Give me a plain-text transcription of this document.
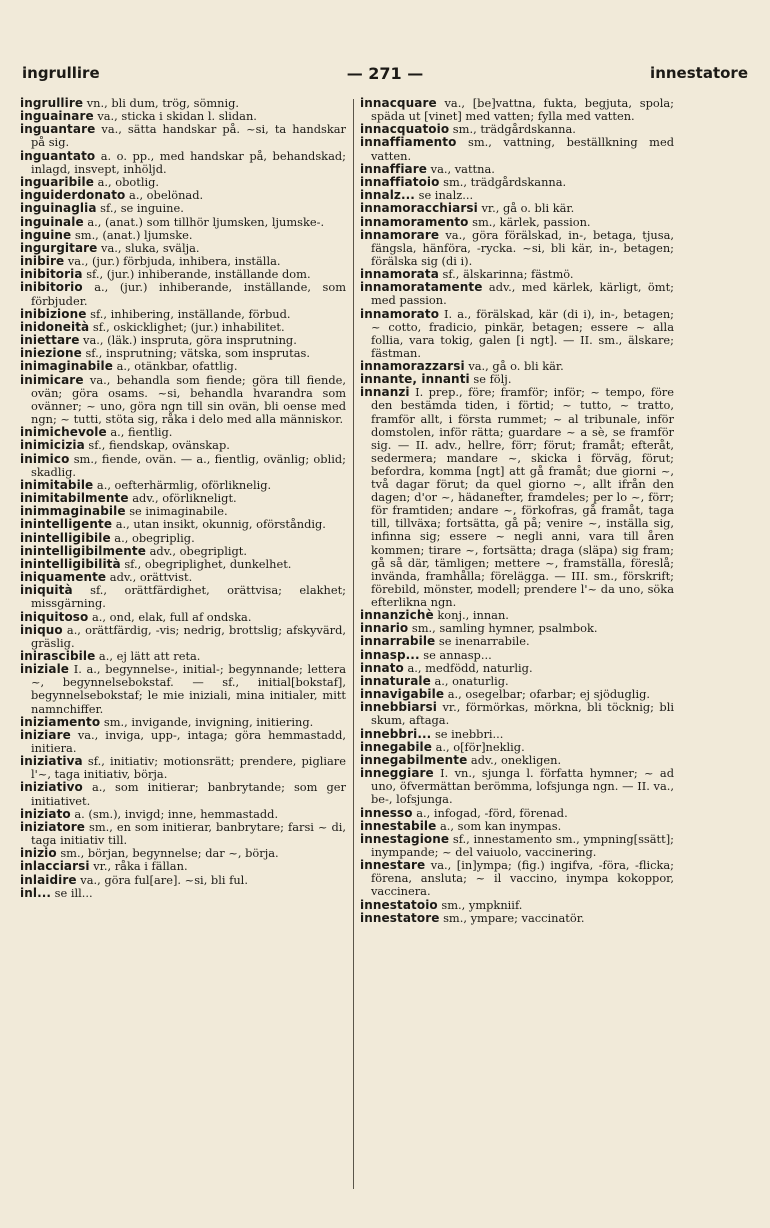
ingrullire	— 271 —	innestatore

ingrullire vn., bli dum, trög, sömnig.

inguainare va., sticka i skidan l. slidan.

inguantare va., sätta handskar på. ~si, ta handskar på sig.

inguantato a. o. pp., med handskar på, behandskad; inlagd, insvept, inhöljd.

inguaribile a., obotlig.

inguiderdonato a., obelönad.

inguinaglia sf., se inguine.

inguinale a., (anat.) som tillhör ljumsken, ljumske-.

inguine sm., (anat.) ljumske.

ingurgitare va., sluka, svälja.

inibire va., (jur.) förbjuda, inhibera, inställa.

inibitoria sf., (jur.) inhiberande, inställande dom.

inibitorio a., (jur.) inhiberande, inställande, som förbjuder.

inibizione sf., inhibering, inställande, förbud.

inidoneità sf., oskicklighet; (jur.) inhabilitet.

iniettare va., (läk.) inspruta, göra insprutning.

iniezione sf., insprutning; vätska, som insprutas.

inimaginabile a., otänkbar, ofattlig.

inimicare va., behandla som fiende; göra till fiende, ovän; göra osams. ~si, behandla hvarandra som ovänner; ~ uno, göra ngn till sin ovän, bli oense med ngn; ~ tutti, stöta sig, råka i delo med alla människor.

inimichevole a., fientlig.

inimicizia sf., fiendskap, ovänskap.

inimico sm., fiende, ovän. — a., fientlig, ovänlig; oblid; skadlig.

inimitabile a., oefterhärmlig, oförliknelig.

inimitabilmente adv., oförlikneligt.

inimmaginabile se inimaginabile.

inintelligente a., utan insikt, okunnig, oförståndig.

inintelligibile a., obegriplig.

inintelligibilmente adv., obegripligt.

inintelligibilità sf., obegriplighet, dunkelhet.

iniquamente adv., orättvist.

iniquità sf., orättfärdighet, orättvisa; elakhet; missgärning.

iniquitoso a., ond, elak, full af ondska.

iniquo a., orättfärdig, -vis; nedrig, brottslig; afskyvärd, gräslig.

inirascibile a., ej lätt att reta.

iniziale I. a., begynnelse-, initial-; begynnande; lettera ~, begynnelsebokstaf. — sf., initial[bokstaf], begynnelsebokstaf; le mie iniziali, mina initialer, mitt namnchiffer.

iniziamento sm., invigande, invigning, initiering.

iniziare va., inviga, upp-, intaga; göra hemmastadd, initiera.

iniziativa sf., initiativ; motionsrätt; prendere, pigliare l'~, taga initiativ, börja.

iniziativo a., som initierar; banbrytande; som ger initiativet.

iniziato a. (sm.), invigd; inne, hemmastadd.

iniziatore sm., en som initierar, banbrytare; farsi ~ di, taga initiativ till.

inizio sm., början, begynnelse; dar ~, börja.

inlacciarsi vr., råka i fällan.

inlaidire va., göra ful[are]. ~si, bli ful.

inl... se ill...

innacquare va., [be]vattna, fukta, begjuta, spola; späda ut [vinet] med vatten; fylla med vatten.

innacquatoio sm., trädgårdskanna.

innaffiamento sm., vattning, beställkning med vatten.

innaffiare va., vattna.

innaffiatoio sm., trädgårdskanna.

innalz... se inalz...

innamoracchiarsi vr., gå o. bli kär.

innamoramento sm., kärlek, passion.

innamorare va., göra förälskad, in-, betaga, tjusa, fängsla, hänföra, -rycka. ~si, bli kär, in-, betagen; förälska sig (di i).

innamorata sf., älskarinna; fästmö.

innamoratamente adv., med kärlek, kärligt, ömt; med passion.

innamorato I. a., förälskad, kär (di i), in-, betagen; ~ cotto, fradicio, pinkär, betagen; essere ~ alla follia, vara tokig, galen [i ngt]. — II. sm., älskare; fästman.

innamorazzarsi va., gå o. bli kär.

innante, innanti se följ.

innanzi I. prep., före; framför; inför; ~ tempo, före den bestämda tiden, i förtid; ~ tutto, ~ tratto, framför allt, i första rummet; ~ al tribunale, inför domstolen, inför rätta; guardare ~ a sè, se framför sig. — II. adv., hellre, förr; förut; framåt; efteråt, sedermera; mandare ~, skicka i förväg, förut; befordra, komma [ngt] att gå framåt; due giorni ~, två dagar förut; da quel giorno ~, allt ifrån den dagen; d'or ~, hädanefter, framdeles; per lo ~, förr; för framtiden; andare ~, förkofras, gå framåt, taga till, tillväxa; fortsätta, gå på; venire ~, inställa sig, infinna sig; essere ~ negli anni, vara till åren kommen; tirare ~, fortsätta; draga (släpa) sig fram; gå så där, tämligen; mettere ~, framställa, föreslå; invända, framhålla; förelägga. — III. sm., förskrift; förebild, mönster, modell; prendere l'~ da uno, söka efterlikna ngn.

innanzichè konj., innan.

innario sm., samling hymner, psalmbok.

innarrabile se inenarrabile.

innasp... se annasp...

innato a., medfödd, naturlig.

innaturale a., onaturlig.

innavigabile a., osegelbar; ofarbar; ej sjöduglig.

innebbiarsi vr., förmörkas, mörkna, bli töcknig; bli skum, aftaga.

innebbri... se inebbri...

innegabile a., o[för]neklig.

innegabilmente adv., onekligen.

inneggiare I. vn., sjunga l. författa hymner; ~ ad uno, öfvermättan berömma, lofsjunga ngn. — II. va., be-, lofsjunga.

innesso a., infogad, -förd, förenad.

innestabile a., som kan inympas.

innestagione sf., innestamento sm., ympning[ssätt]; inympande; ~ del vaiuolo, vaccinering.

innestare va., [in]ympa; (fig.) ingifva, -föra, -flicka; förena, ansluta; ~ il vaccino, inympa kokoppor, vaccinera.

innestatoio sm., ympkniif.

innestatore sm., ympare; vaccinatör.
